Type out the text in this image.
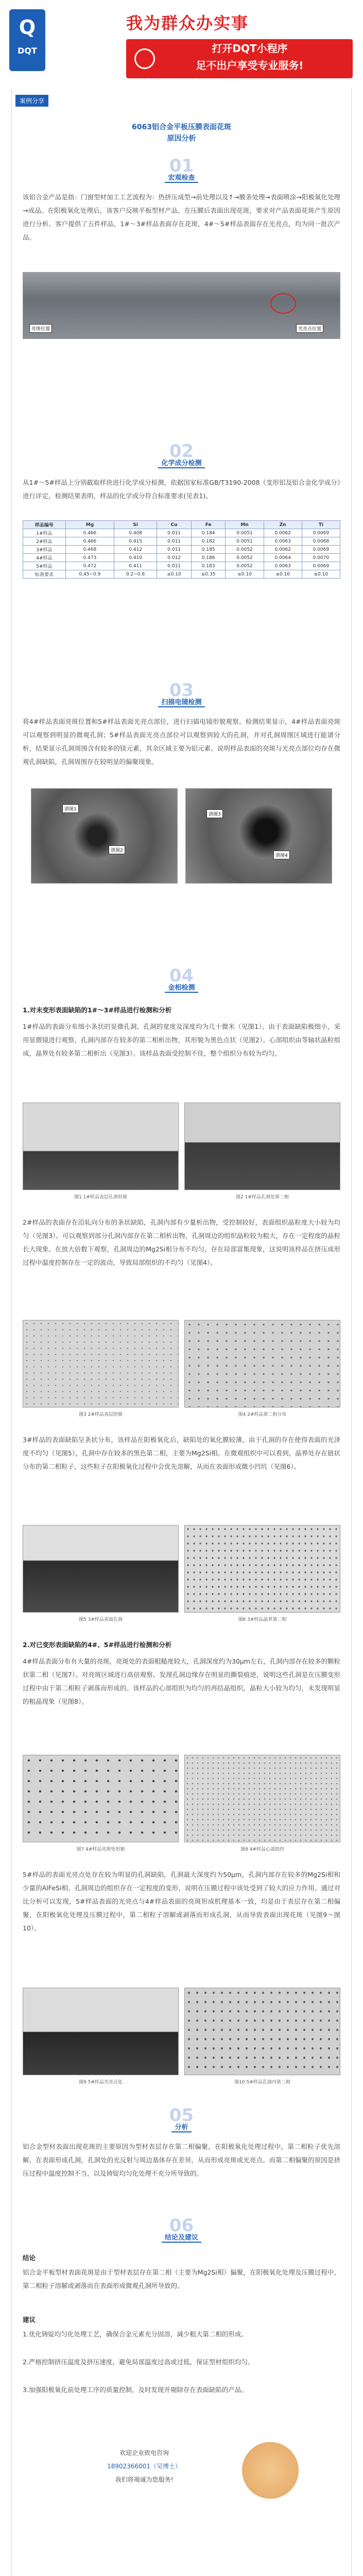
Q
DQT
我为群众办实事
打开DQT小程序
足不出户享受专业服务!
案例分享
6063铝合金平板压膜表面花斑
原因分析
01
宏观检查
该铝合金产品是指：门窗型材加工工艺流程为：热挤压成型→前处理以及↑→膜条处理→表面喷涂→阳极氧化处理→成品。在阳极氧化处理后，该客户反映平板型材产品，在压膜后表面出现花斑，要求对产品表面花斑产生原因进行分析。客户提供了五件样品，1#～3#样品表面存在花斑，4#～5#样品表面存在光亮点，均为同一批次产品。
亮斑位置	光亮点位置
02
化学成分检测
从1#～5#样品上分别截取样块进行化学成分检测，依据国家标准GB/T3190-2008《变形铝及铝合金化学成分》进行评定，检测结果表明，样品的化学成分符合标准要求(见表1)。
样品编号	Mg	Si	Cu	Fe	Mn	Zn	Ti
1#样品	0.466	0.408	0.011	0.184	0.0051	0.0062	0.0069
2#样品	0.466	0.415	0.011	0.182	0.0051	0.0063	0.0068
3#样品	0.468	0.412	0.011	0.185	0.0052	0.0062	0.0069
4#样品	0.473	0.410	0.012	0.186	0.0052	0.0064	0.0070
5#样品	0.472	0.411	0.011	0.183	0.0052	0.0063	0.0069
标准要求	0.45~0.9	0.2~0.6	≤0.10	≤0.35	≤0.10	≤0.10	≤0.10
03
扫描电镜检测
将4#样品表面亮斑位置和5#样品表面光亮点部位，进行扫描电镜形貌观察。检测结果显示，4#样品表面亮斑可以观察到明显的微观孔洞；5#样品表面光亮点部位可以观察到较大的孔洞，并对孔洞周围区域进行能谱分析，结果显示孔洞周围含有较多的镁元素，其余区域主要为铝元素。说明样品表面的亮斑与光亮点部位均存在微观孔洞缺陷，孔洞周围存在较明显的偏聚现象。
谱图1
谱图2
谱图3
谱图4
04
金相检测
1.对未变形表面缺陷的1#～3#样品进行检测和分析
1#样品的表面分布细小条状的显微孔洞，孔洞的宽度及深度均为几十微米（见图1）。由于表面缺陷极细小，采用显微镜进行观察，孔洞内部存在较多的第二相析出物，其形貌为黑色点状（见图2）。心部组织由等轴状晶粒组成，晶界处有较多第二相析出（见图3）。该样品表面受控制不佳，整个组织分布较为均匀。
图1 1#样品表层孔洞形貌	图2 1#样品孔洞处第二相
2#样品的表面存在沿轧向分布的条状缺陷，孔洞内部有少量析出物，受控制较好，表面组织晶粒度大小较为均匀（见图3）。可以观察到部分孔洞内部存在第二相析出物，孔洞周边的组织晶粒较为粗大，存在一定程度的晶粒长大现象。在放大倍数下观察，孔洞周边的Mg2Si相分布不均匀，存在局部富集现象，这说明该样品在挤压成形过程中温度控制存在一定的波动，导致局部组织的不均匀（见图4）。
图3 2#样品表层形貌	图4 2#样品第二相分布
3#样品的表面缺陷呈条状分布，该样品在阳极氧化后，缺陷处的氧化膜较薄，由于孔洞的存在使得表面的光泽度不均匀（见图5），孔洞中存在较多的黑色第二相，主要为Mg2Si相。在微观组织中可以看到，晶界处存在链状分布的第二相粒子，这些粒子在阳极氧化过程中会优先溶解，从而在表面形成微小凹坑（见图6）。
图5 3#样品表面孔洞	图6 3#样品晶界第二相
2.对已变形表面缺陷的4#、5#样品进行检测和分析
4#样品表面分布有大量的亮斑，亮斑处的表面粗糙度较大，孔洞深度约为30μm左右，孔洞内部存在较多的颗粒状第二相（见图7）。对亮斑区域进行高倍观察，发现孔洞边缘存在明显的撕裂痕迹，说明这些孔洞是在压膜变形过程中由于第二相粒子剥落而形成的。该样品的心部组织为均匀的再结晶组织，晶粒大小较为均匀，未发现明显的粗晶现象（见图8）。
图7 4#样品亮斑处形貌	图8 4#样品心部组织
5#样品的表面光亮点处存在较为明显的孔洞缺陷，孔洞最大深度约为50μm，孔洞内部存在较多的Mg2Si相和少量的AlFeSi相。孔洞周边的组织存在一定程度的变形，说明在压膜过程中该处受到了较大的应力作用。通过对比分析可以发现，5#样品表面的光亮点与4#样品表面的亮斑形成机理基本一致，均是由于表层存在第二相偏聚，在阳极氧化处理及压膜过程中，第二相粒子溶解或剥落而形成孔洞，从而导致表面出现花斑（见图9～图10）。
图9 5#样品光亮点处	图10 5#样品孔洞内第二相
05
分析
铝合金型材表面出现花斑的主要原因为型材表层存在第二相偏聚，在阳极氧化处理过程中，第二相粒子优先溶解，在表面形成孔洞，孔洞处的光反射与周边基体存在差异，从而形成亮斑或光亮点。而第二相偏聚的原因是挤压过程中温度控制不当，以及铸锭均匀化处理不充分所导致的。
06
结论及建议
结论
铝合金平板型材表面花斑是由于型材表层存在第二相（主要为Mg2Si相）偏聚，在阳极氧化处理及压膜过程中，第二相粒子溶解或剥落而在表面形成微观孔洞所导致的。
建议
1.优化铸锭均匀化处理工艺，确保合金元素充分固溶，减少粗大第二相的形成。
2.严格控制挤压温度及挤压速度，避免局部温度过高或过低，保证型材组织均匀。
3.加强阳极氧化前处理工序的质量控制，及时发现并剔除存在表面缺陷的产品。
欢迎企业致电咨询
18902366001（吴博士）
我们将竭诚为您服务!
